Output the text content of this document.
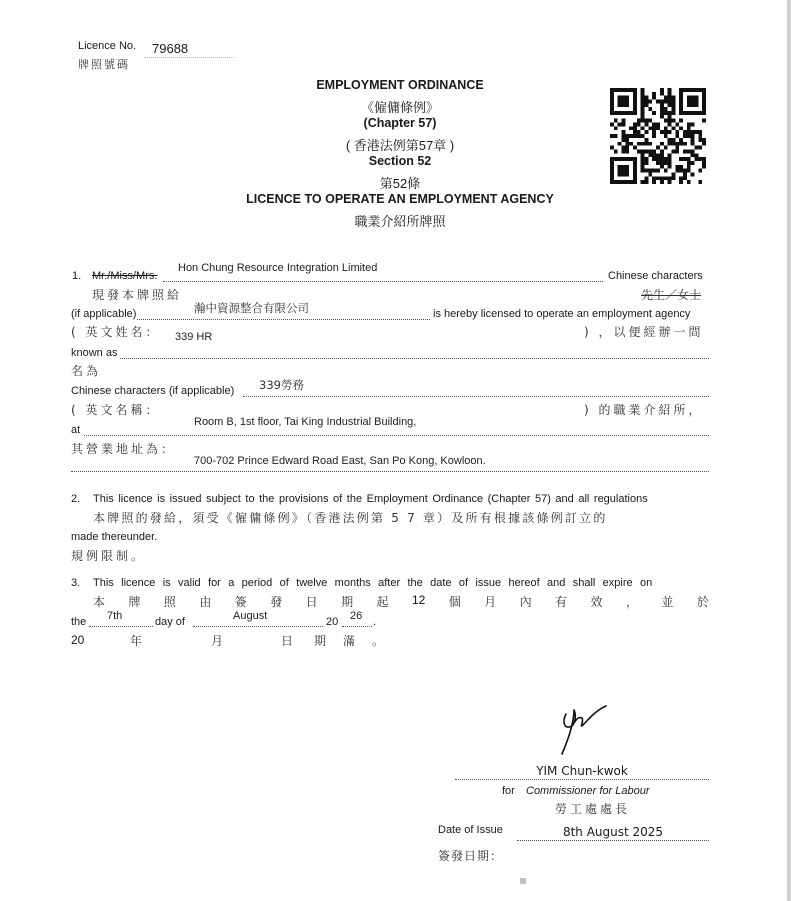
Licence No. 79688
牌照號碼
EMPLOYMENT ORDINANCE
《僱傭條例》
(Chapter 57)
( 香港法例第57章 )
Section 52
第52條
LICENCE TO OPERATE AN EMPLOYMENT AGENCY
職業介紹所牌照
1. Mr./Miss/Mrs.
Hon Chung Resource Integration Limited
Chinese characters
現發本牌照給	先生／女士
(if applicable)	瀚中資源整合有限公司	is hereby licensed to operate an employment agency
( 英文姓名： 339 HR	) ，以便經辦一間
known as
名為
Chinese characters (if applicable) 339勞務
( 英文名稱：	) 的職業介紹所，
at
Room B, 1st floor, Tai King Industrial Building,
其營業地址為：
700-702 Prince Edward Road East, San Po Kong, Kowloon.
2. This licence is issued subject to the provisions of the Employment Ordinance (Chapter 57) and all regulations
本牌照的發給，須受《僱傭條例》（香港法例第 5 7 章）及所有根據該條例訂立的
made thereunder.
規例限制。
3. This licence is valid for a period of twelve months after the date of issue hereof and shall expire on
本 牌 照 由 簽 發 日 期 起 12 個 月 內 有 效 ， 並 於
the 7th	day of	August	20 26 .
20	年	月	日 期 滿 。
YIM Chun-kwok
for Commissioner for Labour
勞工處處長
Date of Issue	8th August 2025
簽發日期：
